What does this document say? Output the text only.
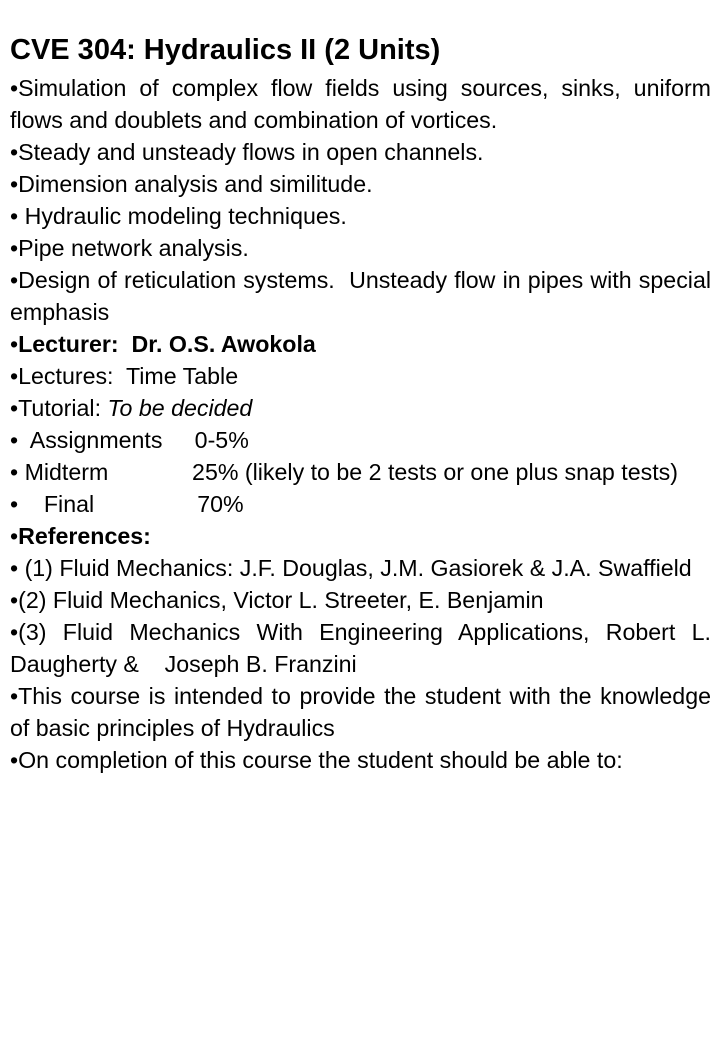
CVE 304: Hydraulics II (2 Units)

•Simulation of complex flow fields using sources, sinks, uniform flows and doublets and combination of vortices.

•Steady and unsteady flows in open channels.

•Dimension analysis and similitude.

• Hydraulic modeling techniques.

•Pipe network analysis.

•Design of reticulation systems.  Unsteady flow in pipes with special emphasis

•Lecturer:  Dr. O.S. Awokola

•Lectures:  Time Table

•Tutorial: To be decided

•  Assignments     0-5%

• Midterm             25% (likely to be 2 tests or one plus snap tests)

•    Final                70%

•References:

• (1) Fluid Mechanics: J.F. Douglas, J.M. Gasiorek & J.A. Swaffield

•(2) Fluid Mechanics, Victor L. Streeter, E. Benjamin

•(3) Fluid Mechanics With Engineering Applications, Robert L. Daugherty &    Joseph B. Franzini

•This course is intended to provide the student with the knowledge of basic principles of Hydraulics

•On completion of this course the student should be able to:
